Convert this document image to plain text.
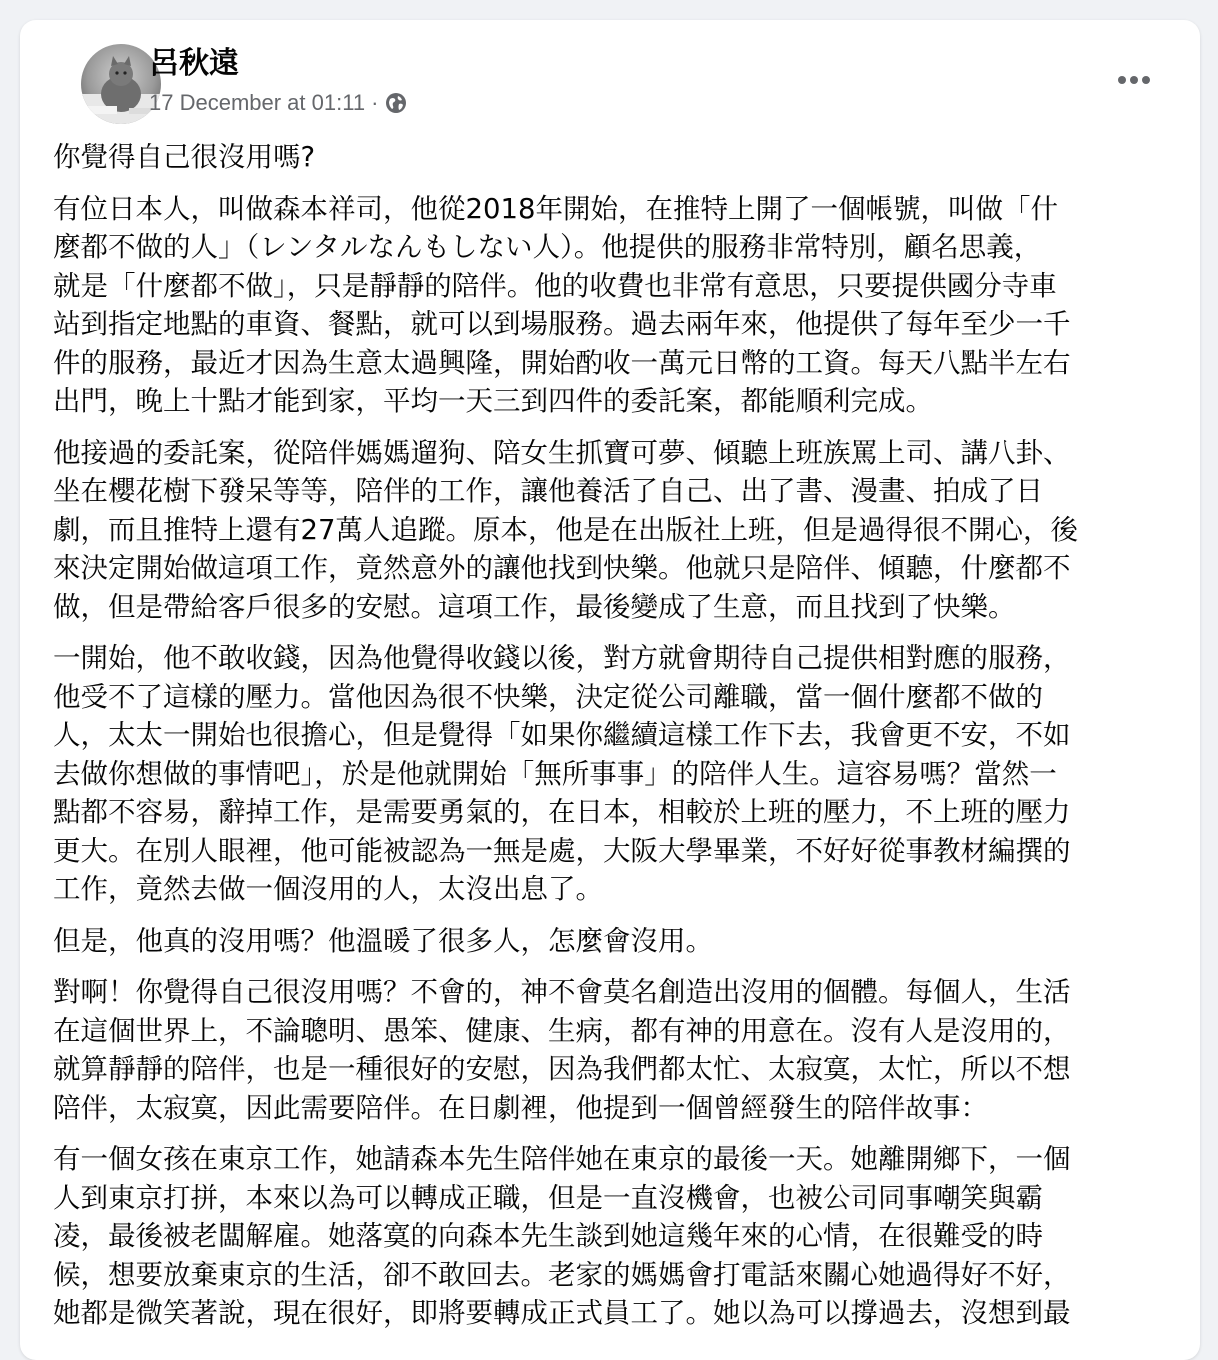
呂秋遠
17 December at 01:11 ·

你覺得自己很沒用嗎?

有位日本人，叫做森本祥司，他從2018年開始，在推特上開了一個帳號，叫做「什
麼都不做的人」（レンタルなんもしない人）。他提供的服務非常特別，顧名思義，
就是「什麼都不做」，只是靜靜的陪伴。他的收費也非常有意思，只要提供國分寺車
站到指定地點的車資、餐點，就可以到場服務。過去兩年來，他提供了每年至少一千
件的服務，最近才因為生意太過興隆，開始酌收一萬元日幣的工資。每天八點半左右
出門，晚上十點才能到家，平均一天三到四件的委託案，都能順利完成。

他接過的委託案，從陪伴媽媽遛狗、陪女生抓寶可夢、傾聽上班族罵上司、講八卦、
坐在櫻花樹下發呆等等，陪伴的工作，讓他養活了自己、出了書、漫畫、拍成了日
劇，而且推特上還有27萬人追蹤。原本，他是在出版社上班，但是過得很不開心，後
來決定開始做這項工作，竟然意外的讓他找到快樂。他就只是陪伴、傾聽，什麼都不
做，但是帶給客戶很多的安慰。這項工作，最後變成了生意，而且找到了快樂。

一開始，他不敢收錢，因為他覺得收錢以後，對方就會期待自己提供相對應的服務，
他受不了這樣的壓力。當他因為很不快樂，決定從公司離職，當一個什麼都不做的
人，太太一開始也很擔心，但是覺得「如果你繼續這樣工作下去，我會更不安，不如
去做你想做的事情吧」，於是他就開始「無所事事」的陪伴人生。這容易嗎？當然一
點都不容易，辭掉工作，是需要勇氣的，在日本，相較於上班的壓力，不上班的壓力
更大。在別人眼裡，他可能被認為一無是處，大阪大學畢業，不好好從事教材編撰的
工作，竟然去做一個沒用的人，太沒出息了。

但是，他真的沒用嗎？他溫暖了很多人，怎麼會沒用。

對啊！你覺得自己很沒用嗎？不會的，神不會莫名創造出沒用的個體。每個人，生活
在這個世界上，不論聰明、愚笨、健康、生病，都有神的用意在。沒有人是沒用的，
就算靜靜的陪伴，也是一種很好的安慰，因為我們都太忙、太寂寞，太忙，所以不想
陪伴，太寂寞，因此需要陪伴。在日劇裡，他提到一個曾經發生的陪伴故事：

有一個女孩在東京工作，她請森本先生陪伴她在東京的最後一天。她離開鄉下，一個
人到東京打拼，本來以為可以轉成正職，但是一直沒機會，也被公司同事嘲笑與霸
凌，最後被老闆解雇。她落寞的向森本先生談到她這幾年來的心情，在很難受的時
候，想要放棄東京的生活，卻不敢回去。老家的媽媽會打電話來關心她過得好不好，
她都是微笑著說，現在很好，即將要轉成正式員工了。她以為可以撐過去，沒想到最
